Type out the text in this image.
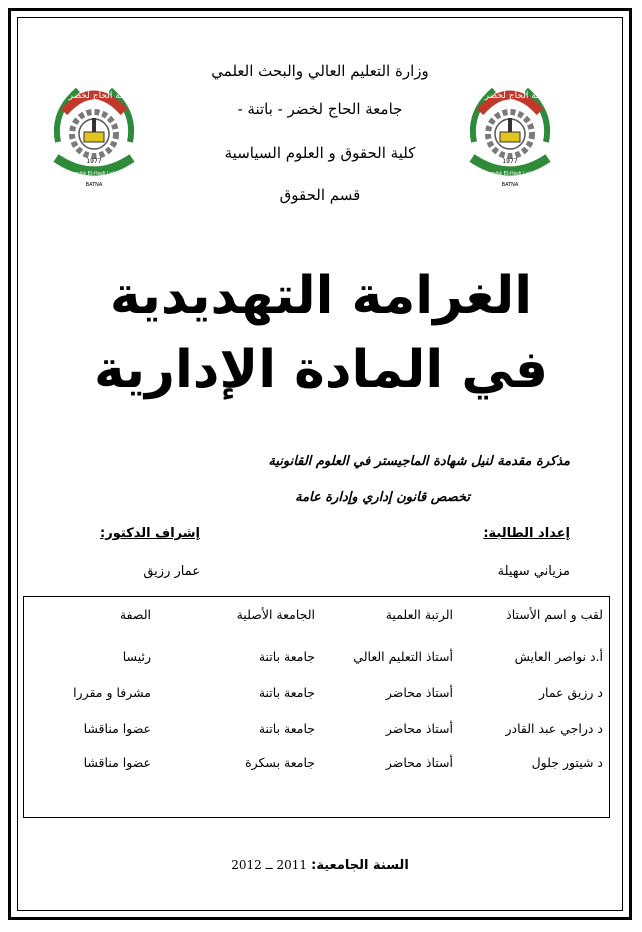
جامعة الحاج لخضر باتنة
1977
Université El-Hadj Lakhdar
BATNA
جامعة الحاج لخضر باتنة
1977
Université El-Hadj Lakhdar
BATNA
وزارة التعليم العالي والبحث العلمي
جامعة الحاج لخضر - باتنة -
كلية الحقوق و العلوم السياسية
قسم الحقوق
الغرامة التهديدية
في المادة الإدارية
مذكرة مقدمة لنيل شهادة الماجيستر في العلوم القانونية
تخصص قانون إداري وإدارة عامة
إعداد الطالبة:
إشراف الدكتور:
مزياني سهيلة
عمار رزيق
لقب و اسم الأستاذ
الرتبة العلمية
الجامعة الأصلية
الصفة
أ.د نواصر العايش
أستاذ التعليم العالي
جامعة باتنة
رئيسا
د رزيق عمار
أستاذ محاضر
جامعة باتنة
مشرفا و مقررا
د دراجي عبد القادر
أستاذ محاضر
جامعة باتنة
عضوا مناقشا
د شيتور جلول
أستاذ محاضر
جامعة بسكرة
عضوا مناقشا
السنة الجامعية: 2011 ــ 2012
